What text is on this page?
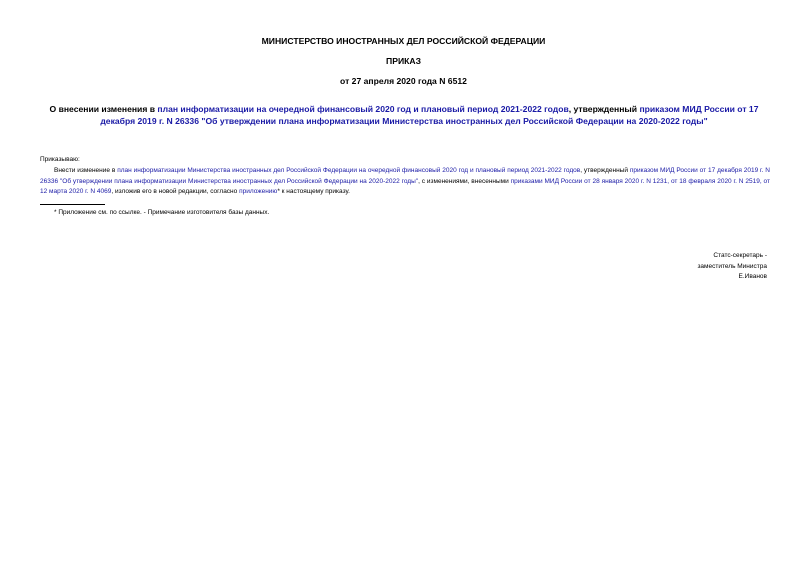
МИНИСТЕРСТВО ИНОСТРАННЫХ ДЕЛ РОССИЙСКОЙ ФЕДЕРАЦИИ
ПРИКАЗ
от 27 апреля 2020 года N 6512
О внесении изменения в план информатизации на очередной финансовый 2020 год и плановый период 2021-2022 годов, утвержденный приказом МИД России от 17 декабря 2019 г. N 26336 "Об утверждении плана информатизации Министерства иностранных дел Российской Федерации на 2020-2022 годы"
Приказываю:
Внести изменение в план информатизации Министерства иностранных дел Российской Федерации на очередной финансовый 2020 год и плановый период 2021-2022 годов, утвержденный приказом МИД России от 17 декабря 2019 г. N 26336 "Об утверждении плана информатизации Министерства иностранных дел Российской Федерации на 2020-2022 годы", с изменениями, внесенными приказами МИД России от 28 января 2020 г. N 1231, от 18 февраля 2020 г. N 2519, от 12 марта 2020 г. N 4069, изложив его в новой редакции, согласно приложению* к настоящему приказу.
* Приложение см. по ссылке. - Примечание изготовителя базы данных.
Статс-секретарь -
заместитель Министра
Е.Иванов
